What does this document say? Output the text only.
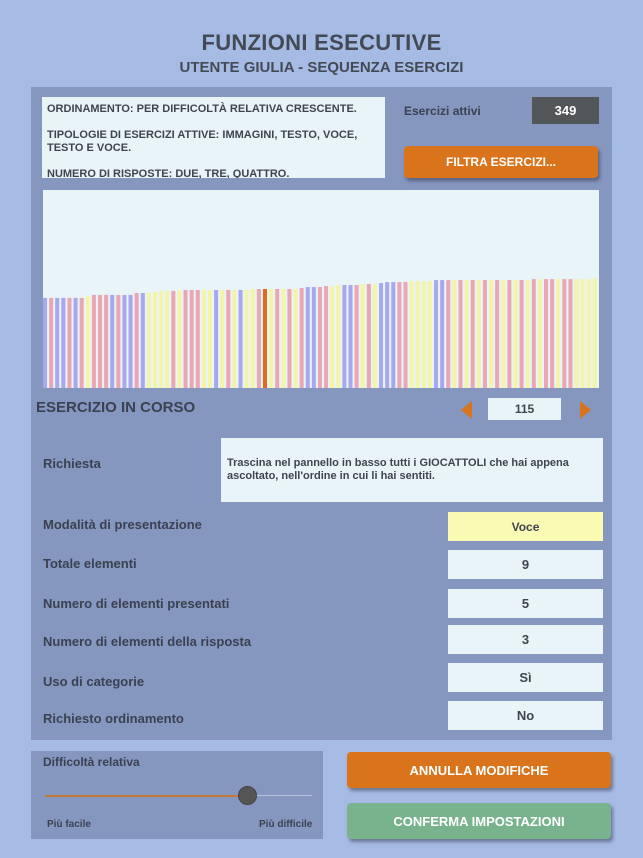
FUNZIONI ESECUTIVE
UTENTE GIULIA - SEQUENZA ESERCIZI

ORDINAMENTO: PER DIFFICOLTÀ RELATIVA CRESCENTE.

TIPOLOGIE DI ESERCIZI ATTIVE: IMMAGINI, TESTO, VOCE, TESTO E VOCE.

NUMERO DI RISPOSTE: DUE, TRE, QUATTRO.

Esercizi attivi	349
FILTRA ESERCIZI...
ESERCIZIO IN CORSO	115
Richiesta	Trascina nel pannello in basso tutti i GIOCATTOLI che hai appena ascoltato, nell'ordine in cui li hai sentiti.
Modalità di presentazione	Voce
Totale elementi	9
Numero di elementi presentati	5
Numero di elementi della risposta	3
Uso di categorie	Sì
Richiesto ordinamento	No
Difficoltà relativa
Più facile	Più difficile
ANNULLA MODIFICHE
CONFERMA IMPOSTAZIONI
